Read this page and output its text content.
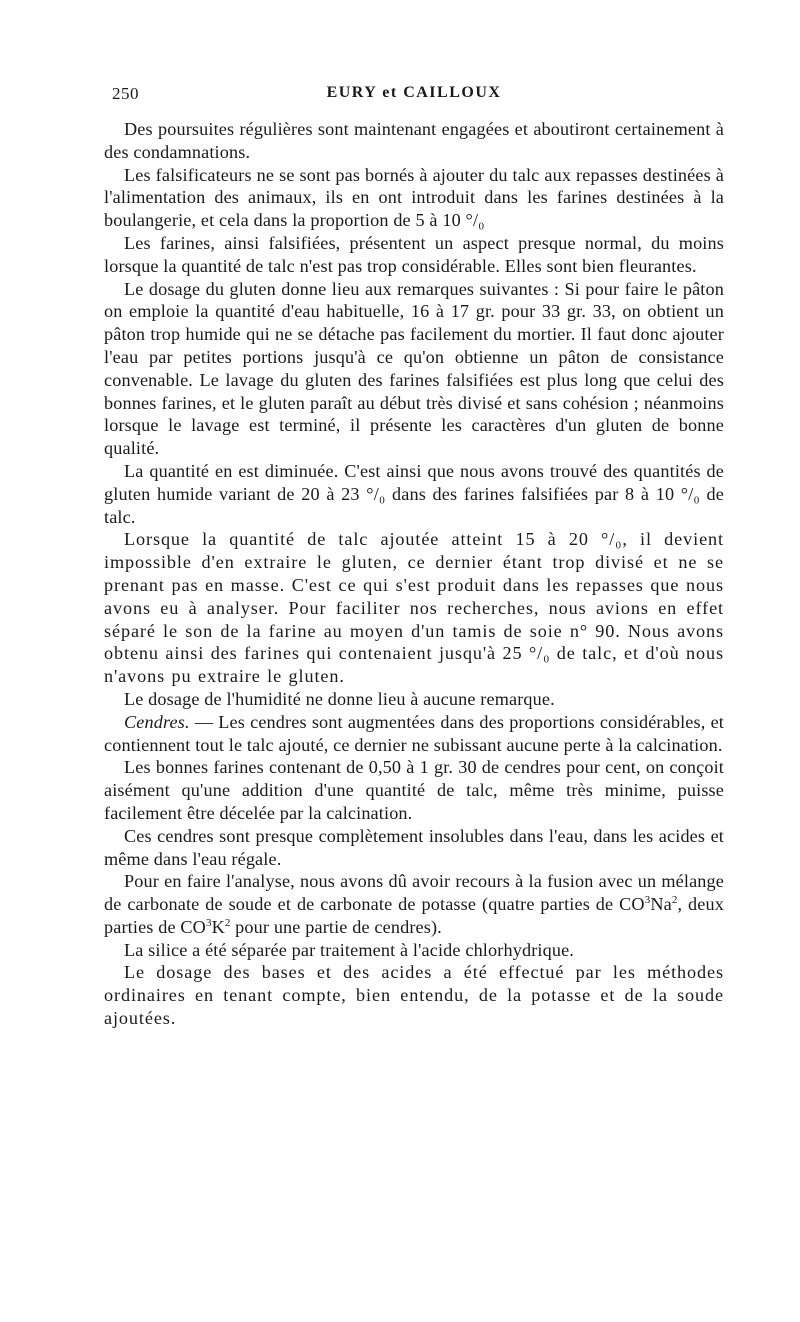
250	EURY et CAILLOUX

Des poursuites régulières sont maintenant engagées et aboutiront certainement à des condamnations.

Les falsificateurs ne se sont pas bornés à ajouter du talc aux repasses destinées à l'alimentation des animaux, ils en ont introduit dans les farines destinées à la boulangerie, et cela dans la proportion de 5 à 10 °/₀

Les farines, ainsi falsifiées, présentent un aspect presque normal, du moins lorsque la quantité de talc n'est pas trop considérable. Elles sont bien fleurantes.

Le dosage du gluten donne lieu aux remarques suivantes : Si pour faire le pâton on emploie la quantité d'eau habituelle, 16 à 17 gr. pour 33 gr. 33, on obtient un pâton trop humide qui ne se détache pas facilement du mortier. Il faut donc ajouter l'eau par petites portions jusqu'à ce qu'on obtienne un pâton de consistance convenable. Le lavage du gluten des farines falsifiées est plus long que celui des bonnes farines, et le gluten paraît au début très divisé et sans cohésion ; néanmoins lorsque le lavage est terminé, il présente les caractères d'un gluten de bonne qualité.

La quantité en est diminuée. C'est ainsi que nous avons trouvé des quantités de gluten humide variant de 20 à 23 °/₀ dans des farines falsifiées par 8 à 10 °/₀ de talc.

Lorsque la quantité de talc ajoutée atteint 15 à 20 °/₀, il devient impossible d'en extraire le gluten, ce dernier étant trop divisé et ne se prenant pas en masse. C'est ce qui s'est produit dans les repasses que nous avons eu à analyser. Pour faciliter nos recherches, nous avions en effet séparé le son de la farine au moyen d'un tamis de soie n° 90. Nous avons obtenu ainsi des farines qui contenaient jusqu'à 25 °/₀ de talc, et d'où nous n'avons pu extraire le gluten.

Le dosage de l'humidité ne donne lieu à aucune remarque.

Cendres. — Les cendres sont augmentées dans des proportions considérables, et contiennent tout le talc ajouté, ce dernier ne subissant aucune perte à la calcination.

Les bonnes farines contenant de 0,50 à 1 gr. 30 de cendres pour cent, on conçoit aisément qu'une addition d'une quantité de talc, même très minime, puisse facilement être décelée par la calcination.

Ces cendres sont presque complètement insolubles dans l'eau, dans les acides et même dans l'eau régale.

Pour en faire l'analyse, nous avons dû avoir recours à la fusion avec un mélange de carbonate de soude et de carbonate de potasse (quatre parties de $CO^3Na^2$, deux parties de $CO^3K^2$ pour une partie de cendres).

La silice a été séparée par traitement à l'acide chlorhydrique.

Le dosage des bases et des acides a été effectué par les méthodes ordinaires en tenant compte, bien entendu, de la potasse et de la soude ajoutées.
